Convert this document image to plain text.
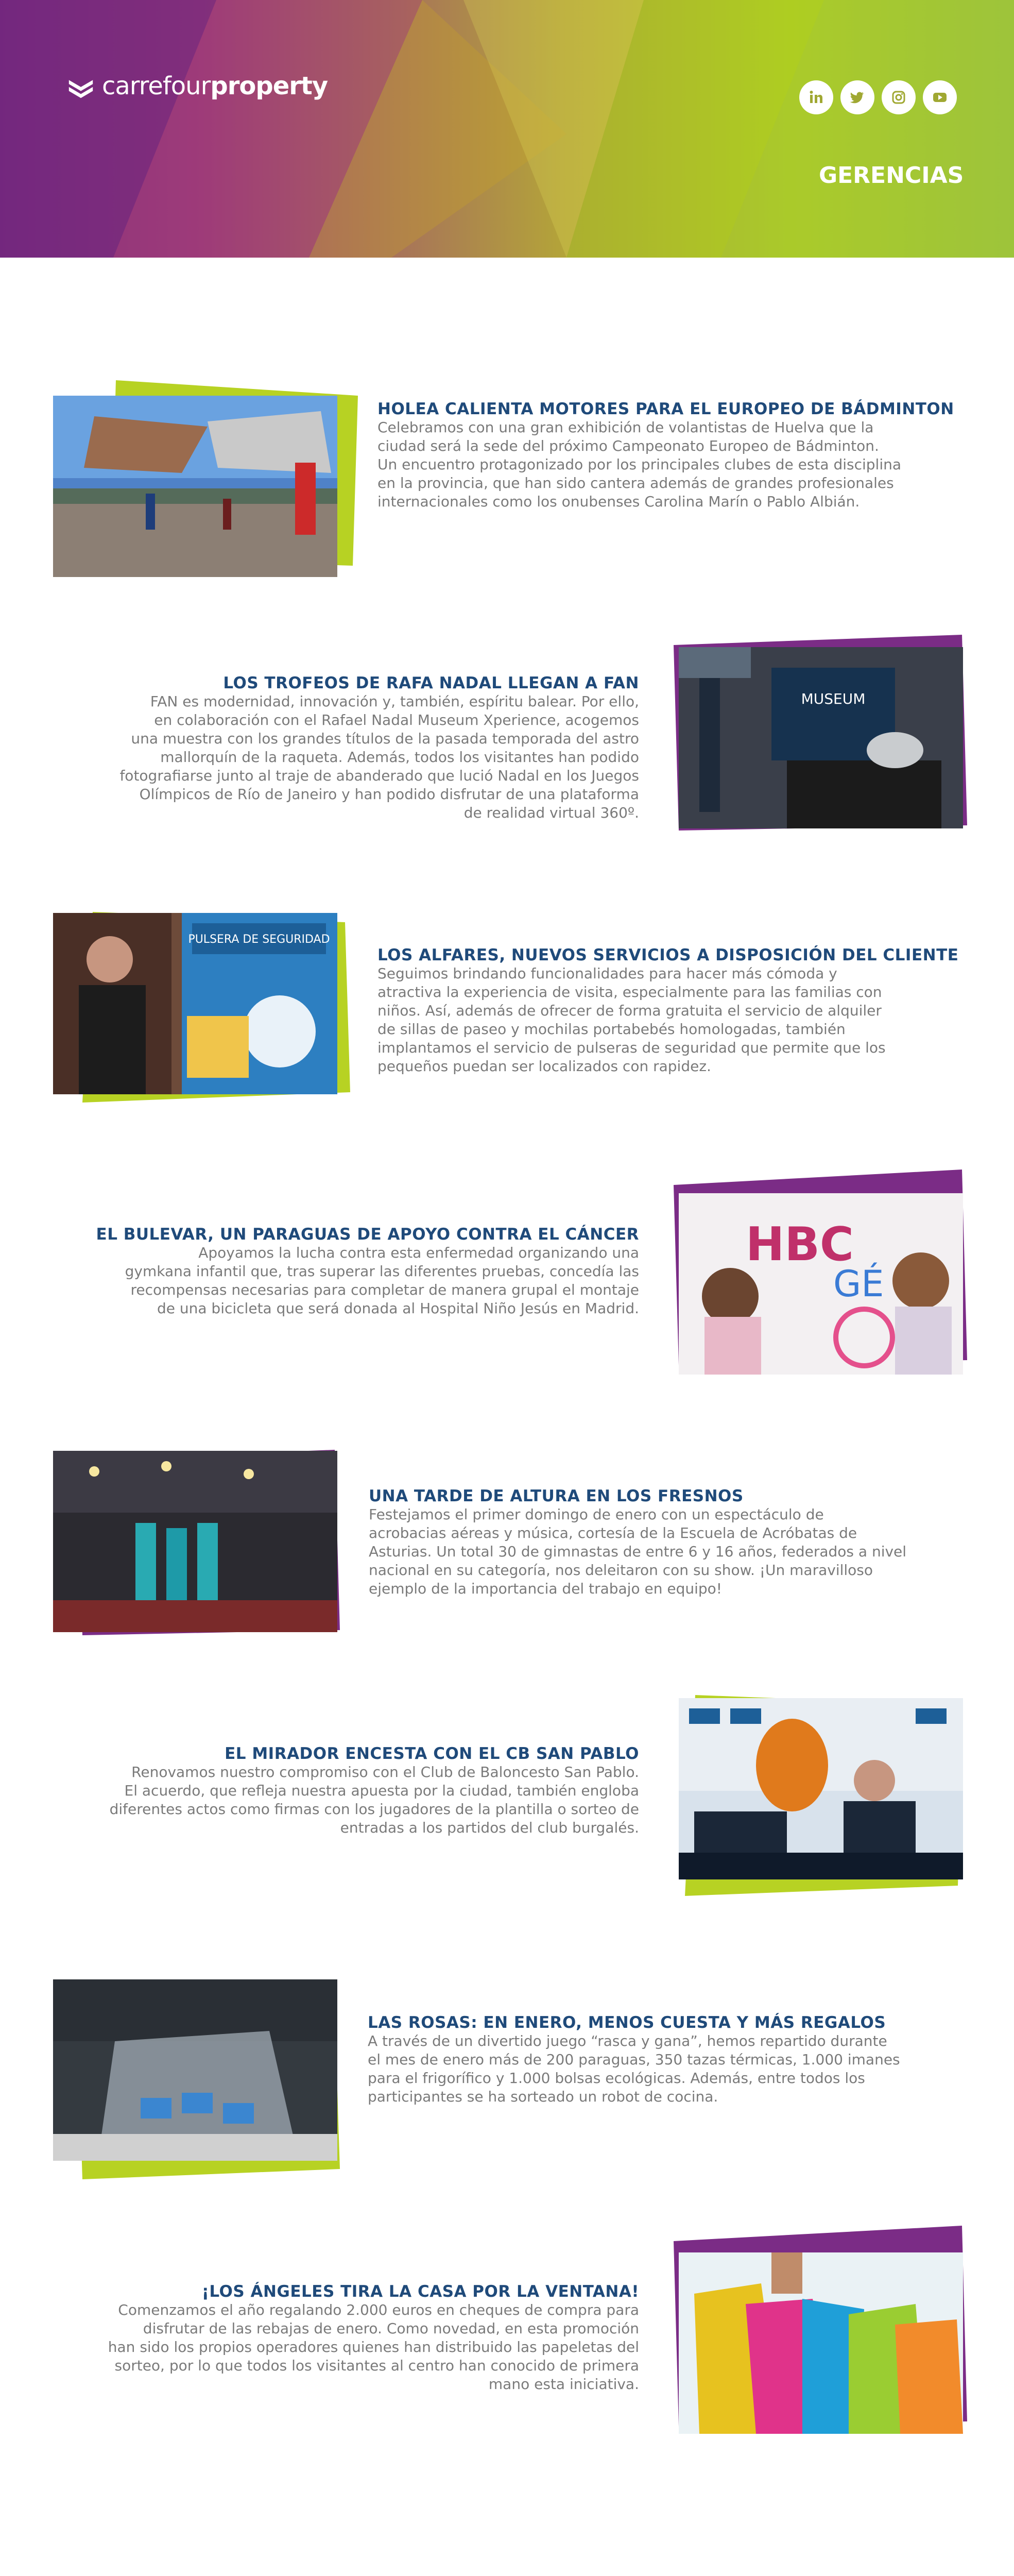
carrefourproperty
GERENCIAS
HOLEA CALIENTA MOTORES PARA EL EUROPEO DE BÁDMINTON
Celebramos con una gran exhibición de volantistas de Huelva que la
ciudad será la sede del próximo Campeonato Europeo de Bádminton.
Un encuentro protagonizado por los principales clubes de esta disciplina
en la provincia, que han sido cantera además de grandes profesionales
internacionales como los onubenses Carolina Marín o Pablo Albián.
MUSEUM
LOS TROFEOS DE RAFA NADAL LLEGAN A FAN
FAN es modernidad, innovación y, también, espíritu balear. Por ello,
en colaboración con el Rafael Nadal Museum Xperience, acogemos
una muestra con los grandes títulos de la pasada temporada del astro
mallorquín de la raqueta. Además, todos los visitantes han podido
fotografiarse junto al traje de abanderado que lució Nadal en los Juegos
Olímpicos de Río de Janeiro y han podido disfrutar de una plataforma
de realidad virtual 360º.
PULSERA DE SEGURIDAD
LOS ALFARES, NUEVOS SERVICIOS A DISPOSICIÓN DEL CLIENTE
Seguimos brindando funcionalidades para hacer más cómoda y
atractiva la experiencia de visita, especialmente para las familias con
niños. Así, además de ofrecer de forma gratuita el servicio de alquiler
de sillas de paseo y mochilas portabebés homologadas, también
implantamos el servicio de pulseras de seguridad que permite que los
pequeños puedan ser localizados con rapidez.
HBC
GÉ
EL BULEVAR, UN PARAGUAS DE APOYO CONTRA EL CÁNCER
Apoyamos la lucha contra esta enfermedad organizando una
gymkana infantil que, tras superar las diferentes pruebas, concedía las
recompensas necesarias para completar de manera grupal el montaje
de una bicicleta que será donada al Hospital Niño Jesús en Madrid.
UNA TARDE DE ALTURA EN LOS FRESNOS
Festejamos el primer domingo de enero con un espectáculo de
acrobacias aéreas y música, cortesía de la Escuela de Acróbatas de
Asturias. Un total 30 de gimnastas de entre 6 y 16 años, federados a nivel
nacional en su categoría, nos deleitaron con su show. ¡Un maravilloso
ejemplo de la importancia del trabajo en equipo!
EL MIRADOR ENCESTA CON EL CB SAN PABLO
Renovamos nuestro compromiso con el Club de Baloncesto San Pablo.
El acuerdo, que refleja nuestra apuesta por la ciudad, también engloba
diferentes actos como firmas con los jugadores de la plantilla o sorteo de
entradas a los partidos del club burgalés.
LAS ROSAS: EN ENERO, MENOS CUESTA Y MÁS REGALOS
A través de un divertido juego “rasca y gana”, hemos repartido durante
el mes de enero más de 200 paraguas, 350 tazas térmicas, 1.000 imanes
para el frigorífico y 1.000 bolsas ecológicas. Además, entre todos los
participantes se ha sorteado un robot de cocina.
¡LOS ÁNGELES TIRA LA CASA POR LA VENTANA!
Comenzamos el año regalando 2.000 euros en cheques de compra para
disfrutar de las rebajas de enero. Como novedad, en esta promoción
han sido los propios operadores quienes han distribuido las papeletas del
sorteo, por lo que todos los visitantes al centro han conocido de primera
mano esta iniciativa.
